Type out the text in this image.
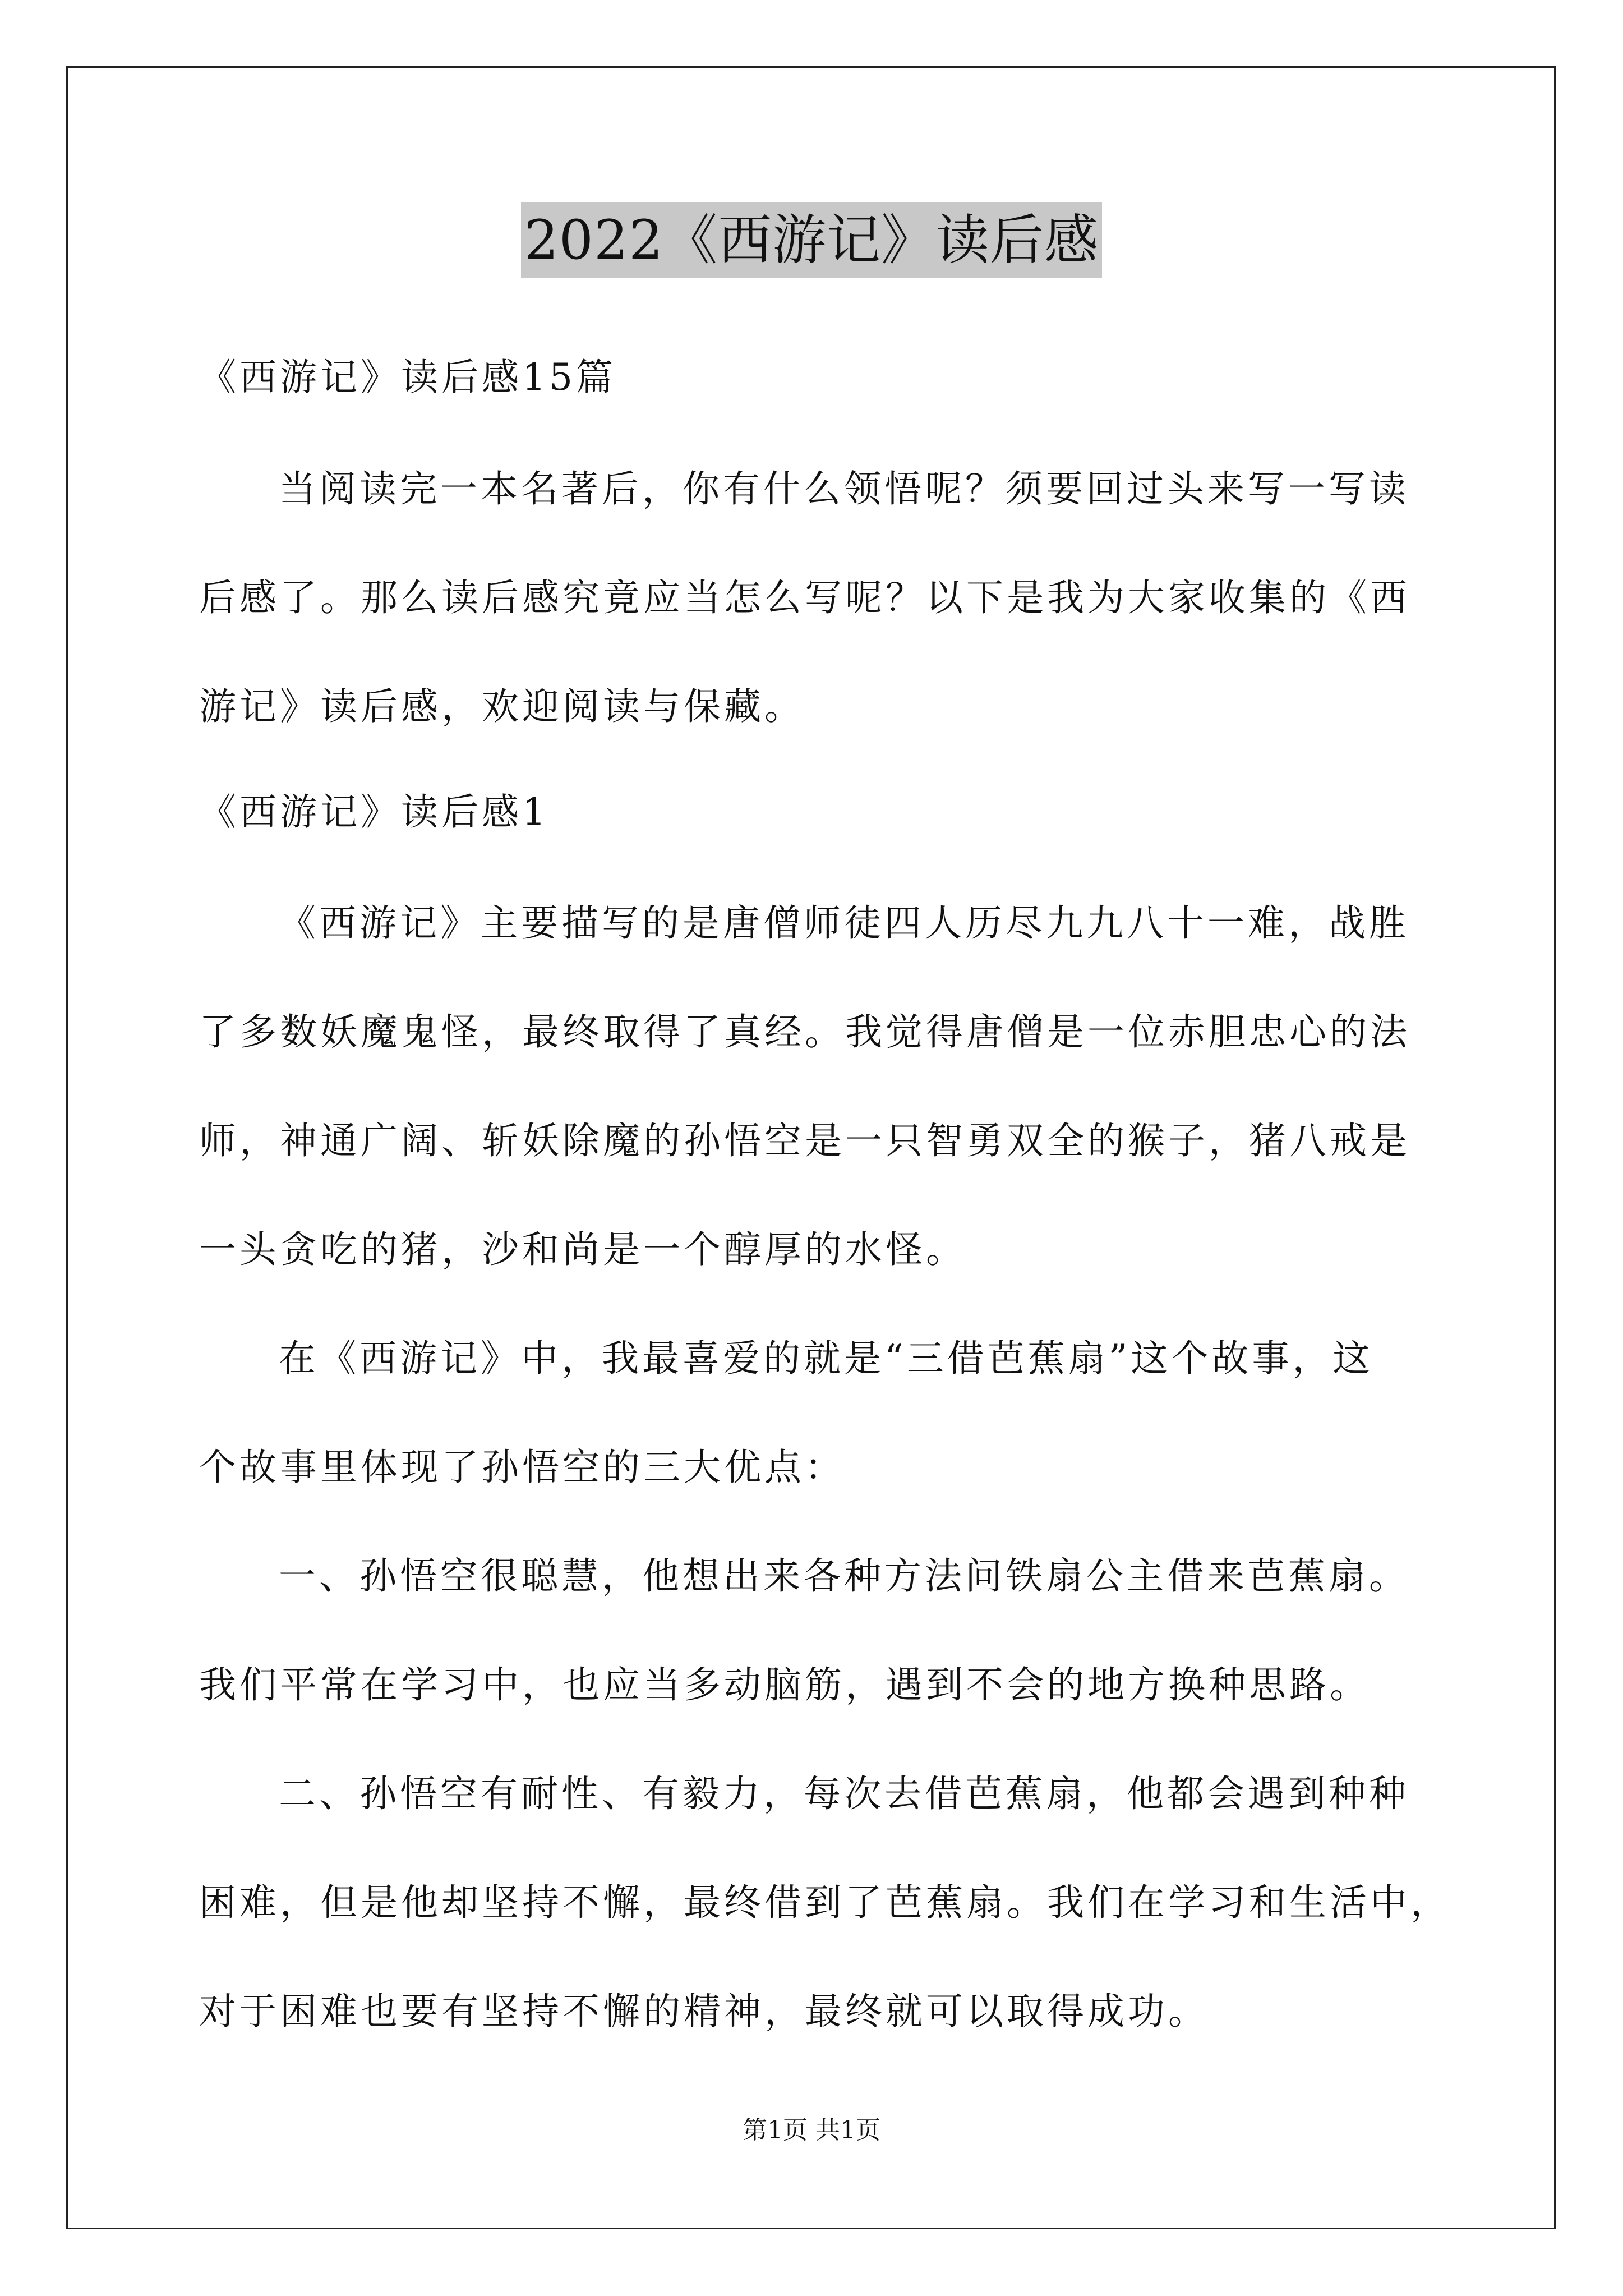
2022《西游记》读后感
《西游记》读后感15篇
当阅读完一本名著后，你有什么领悟呢？须要回过头来写一写读
后感了。那么读后感究竟应当怎么写呢？以下是我为大家收集的《西
游记》读后感，欢迎阅读与保藏。
《西游记》读后感1
《西游记》主要描写的是唐僧师徒四人历尽九九八十一难，战胜
了多数妖魔鬼怪，最终取得了真经。我觉得唐僧是一位赤胆忠心的法
师，神通广阔、斩妖除魔的孙悟空是一只智勇双全的猴子，猪八戒是
一头贪吃的猪，沙和尚是一个醇厚的水怪。
在《西游记》中，我最喜爱的就是“三借芭蕉扇”这个故事，这
个故事里体现了孙悟空的三大优点：
一、孙悟空很聪慧，他想出来各种方法问铁扇公主借来芭蕉扇。
我们平常在学习中，也应当多动脑筋，遇到不会的地方换种思路。
二、孙悟空有耐性、有毅力，每次去借芭蕉扇，他都会遇到种种
困难，但是他却坚持不懈，最终借到了芭蕉扇。我们在学习和生活中，
对于困难也要有坚持不懈的精神，最终就可以取得成功。
第1页 共1页
